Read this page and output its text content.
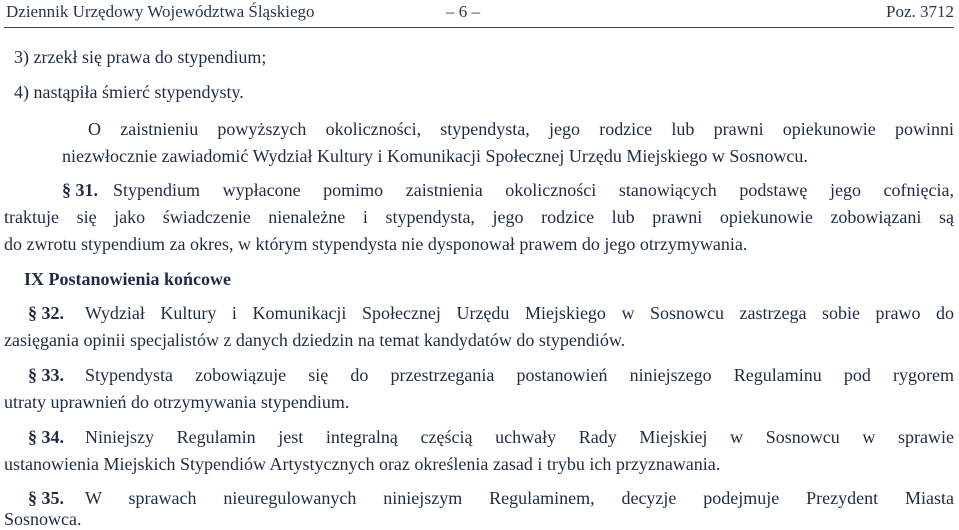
Dziennik Urzędowy Województwa Śląskiego	– 6 –	Poz. 3712
3) zrzekł się prawa do stypendium;
4) nastąpiła śmierć stypendysty.
O zaistnieniu powyższych okoliczności, stypendysta, jego rodzice lub prawni opiekunowie powinni
niezwłocznie zawiadomić Wydział Kultury i Komunikacji Społecznej Urzędu Miejskiego w Sosnowcu.
§ 31. Stypendium wypłacone pomimo zaistnienia okoliczności stanowiących podstawę jego cofnięcia,
traktuje się jako świadczenie nienależne i stypendysta, jego rodzice lub prawni opiekunowie zobowiązani są
do zwrotu stypendium za okres, w którym stypendysta nie dysponował prawem do jego otrzymywania.
IX Postanowienia końcowe
§ 32. Wydział Kultury i Komunikacji Społecznej Urzędu Miejskiego w Sosnowcu zastrzega sobie prawo do
zasięgania opinii specjalistów z danych dziedzin na temat kandydatów do stypendiów.
§ 33. Stypendysta zobowiązuje się do przestrzegania postanowień niniejszego Regulaminu pod rygorem
utraty uprawnień do otrzymywania stypendium.
§ 34. Niniejszy Regulamin jest integralną częścią uchwały Rady Miejskiej w Sosnowcu w sprawie
ustanowienia Miejskich Stypendiów Artystycznych oraz określenia zasad i trybu ich przyznawania.
§ 35. W sprawach nieuregulowanych niniejszym Regulaminem, decyzje podejmuje Prezydent Miasta
Sosnowca.
